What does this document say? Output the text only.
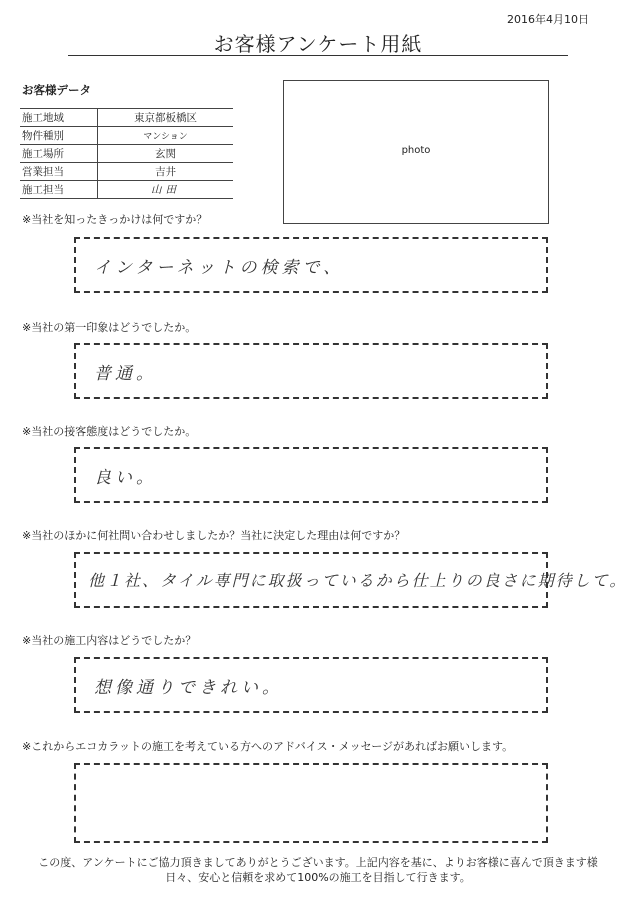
2016年4月10日
お客様アンケート用紙
お客様データ
施工地域	東京都板橋区
物件種別	マンション
施工場所	玄関
営業担当	吉井
施工担当	山田
photo
※当社を知ったきっかけは何ですか？
インターネットの検索で、
※当社の第一印象はどうでしたか。
普通。
※当社の接客態度はどうでしたか。
良い。
※当社のほかに何社問い合わせしましたか？当社に決定した理由は何ですか？
他１社、タイル専門に取扱っているから仕上りの良さに期待して。
※当社の施工内容はどうでしたか？
想像通りできれい。
※これからエコカラットの施工を考えている方へのアドバイス・メッセージがあればお願いします。
この度、アンケートにご協力頂きましてありがとうございます。上記内容を基に、よりお客様に喜んで頂きます様
日々、安心と信頼を求めて100%の施工を目指して行きます。
